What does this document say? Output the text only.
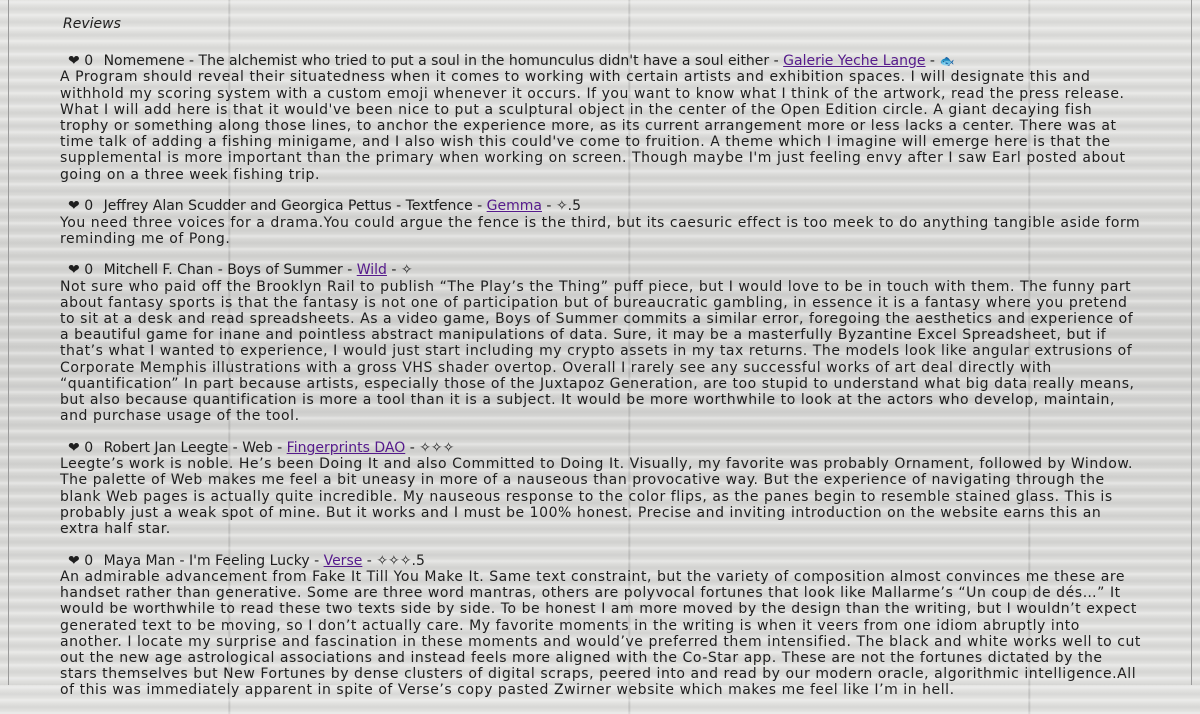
Reviews
❤ 0 Nomemene - The alchemist who tried to put a soul in the homunculus didn't have a soul either - Galerie Yeche Lange - 🐟
A Program should reveal their situatedness when it comes to working with certain artists and exhibition spaces. I will designate this and withhold my scoring system with a custom emoji whenever it occurs. If you want to know what I think of the artwork, read the press release. What I will add here is that it would've been nice to put a sculptural object in the center of the Open Edition circle. A giant decaying fish trophy or something along those lines, to anchor the experience more, as its current arrangement more or less lacks a center. There was at time talk of adding a fishing minigame, and I also wish this could've come to fruition. A theme which I imagine will emerge here is that the supplemental is more important than the primary when working on screen. Though maybe I'm just feeling envy after I saw Earl posted about going on a three week fishing trip.
❤ 0 Jeffrey Alan Scudder and Georgica Pettus - Textfence - Gemma - ✧.5
You need three voices for a drama.You could argue the fence is the third, but its caesuric effect is too meek to do anything tangible aside form reminding me of Pong.
❤ 0 Mitchell F. Chan - Boys of Summer - Wild - ✧
Not sure who paid off the Brooklyn Rail to publish “The Play’s the Thing” puff piece, but I would love to be in touch with them. The funny part about fantasy sports is that the fantasy is not one of participation but of bureaucratic gambling, in essence it is a fantasy where you pretend to sit at a desk and read spreadsheets. As a video game, Boys of Summer commits a similar error, foregoing the aesthetics and experience of a beautiful game for inane and pointless abstract manipulations of data. Sure, it may be a masterfully Byzantine Excel Spreadsheet, but if that’s what I wanted to experience, I would just start including my crypto assets in my tax returns. The models look like angular extrusions of Corporate Memphis illustrations with a gross VHS shader overtop. Overall I rarely see any successful works of art deal directly with “quantification” In part because artists, especially those of the Juxtapoz Generation, are too stupid to understand what big data really means, but also because quantification is more a tool than it is a subject. It would be more worthwhile to look at the actors who develop, maintain, and purchase usage of the tool.
❤ 0 Robert Jan Leegte - Web - Fingerprints DAO - ✧✧✧
Leegte’s work is noble. He’s been Doing It and also Committed to Doing It. Visually, my favorite was probably Ornament, followed by Window. The palette of Web makes me feel a bit uneasy in more of a nauseous than provocative way. But the experience of navigating through the blank Web pages is actually quite incredible. My nauseous response to the color flips, as the panes begin to resemble stained glass. This is probably just a weak spot of mine. But it works and I must be 100% honest. Precise and inviting introduction on the website earns this an extra half star.
❤ 0 Maya Man - I'm Feeling Lucky - Verse - ✧✧✧.5
An admirable advancement from Fake It Till You Make It. Same text constraint, but the variety of composition almost convinces me these are handset rather than generative. Some are three word mantras, others are polyvocal fortunes that look like Mallarme’s “Un coup de dés…” It would be worthwhile to read these two texts side by side. To be honest I am more moved by the design than the writing, but I wouldn’t expect generated text to be moving, so I don’t actually care. My favorite moments in the writing is when it veers from one idiom abruptly into another. I locate my surprise and fascination in these moments and would’ve preferred them intensified. The black and white works well to cut out the new age astrological associations and instead feels more aligned with the Co-Star app. These are not the fortunes dictated by the stars themselves but New Fortunes by dense clusters of digital scraps, peered into and read by our modern oracle, algorithmic intelligence.All of this was immediately apparent in spite of Verse’s copy pasted Zwirner website which makes me feel like I’m in hell.
